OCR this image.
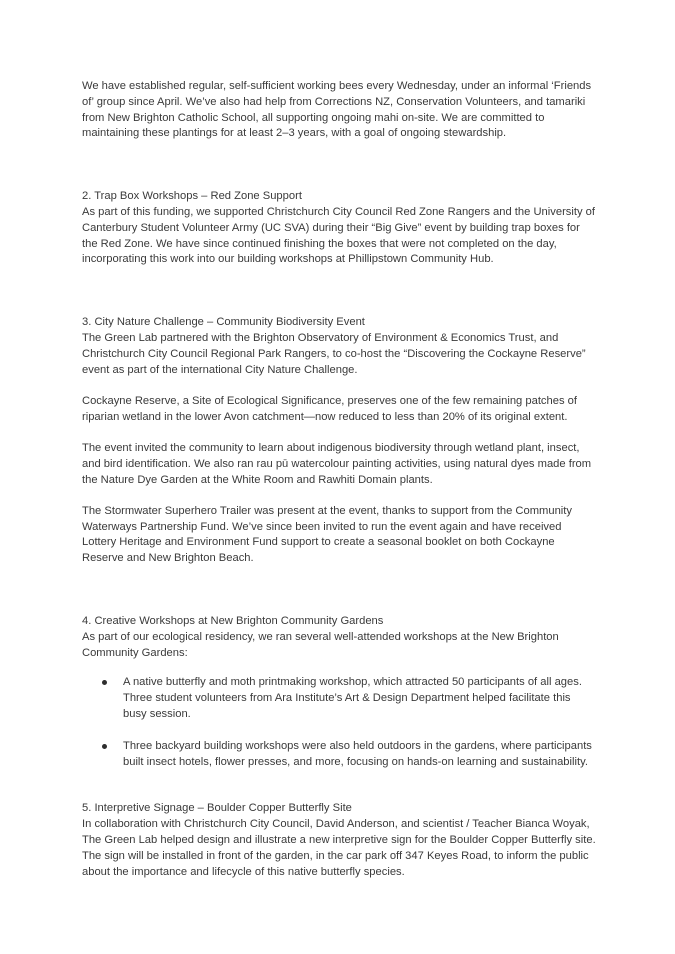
We have established regular, self-sufficient working bees every Wednesday, under an informal ‘Friends of’ group since April. We’ve also had help from Corrections NZ, Conservation Volunteers, and tamariki from New Brighton Catholic School, all supporting ongoing mahi on-site. We are committed to maintaining these plantings for at least 2–3 years, with a goal of ongoing stewardship.

2. Trap Box Workshops – Red Zone Support

As part of this funding, we supported Christchurch City Council Red Zone Rangers and the University of Canterbury Student Volunteer Army (UC SVA) during their “Big Give” event by building trap boxes for the Red Zone. We have since continued finishing the boxes that were not completed on the day, incorporating this work into our building workshops at Phillipstown Community Hub.

3. City Nature Challenge – Community Biodiversity Event

The Green Lab partnered with the Brighton Observatory of Environment & Economics Trust, and Christchurch City Council Regional Park Rangers, to co-host the “Discovering the Cockayne Reserve” event as part of the international City Nature Challenge.

Cockayne Reserve, a Site of Ecological Significance, preserves one of the few remaining patches of riparian wetland in the lower Avon catchment—now reduced to less than 20% of its original extent.

The event invited the community to learn about indigenous biodiversity through wetland plant, insect, and bird identification. We also ran rau pū watercolour painting activities, using natural dyes made from the Nature Dye Garden at the White Room and Rawhiti Domain plants.

The Stormwater Superhero Trailer was present at the event, thanks to support from the Community Waterways Partnership Fund. We’ve since been invited to run the event again and have received Lottery Heritage and Environment Fund support to create a seasonal booklet on both Cockayne Reserve and New Brighton Beach.

4. Creative Workshops at New Brighton Community Gardens

As part of our ecological residency, we ran several well-attended workshops at the New Brighton Community Gardens:

A native butterfly and moth printmaking workshop, which attracted 50 participants of all ages. Three student volunteers from Ara Institute’s Art & Design Department helped facilitate this busy session.
Three backyard building workshops were also held outdoors in the gardens, where participants built insect hotels, flower presses, and more, focusing on hands-on learning and sustainability.

5. Interpretive Signage – Boulder Copper Butterfly Site

In collaboration with Christchurch City Council, David Anderson, and scientist / Teacher Bianca Woyak, The Green Lab helped design and illustrate a new interpretive sign for the Boulder Copper Butterfly site. The sign will be installed in front of the garden, in the car park off 347 Keyes Road, to inform the public about the importance and lifecycle of this native butterfly species.
